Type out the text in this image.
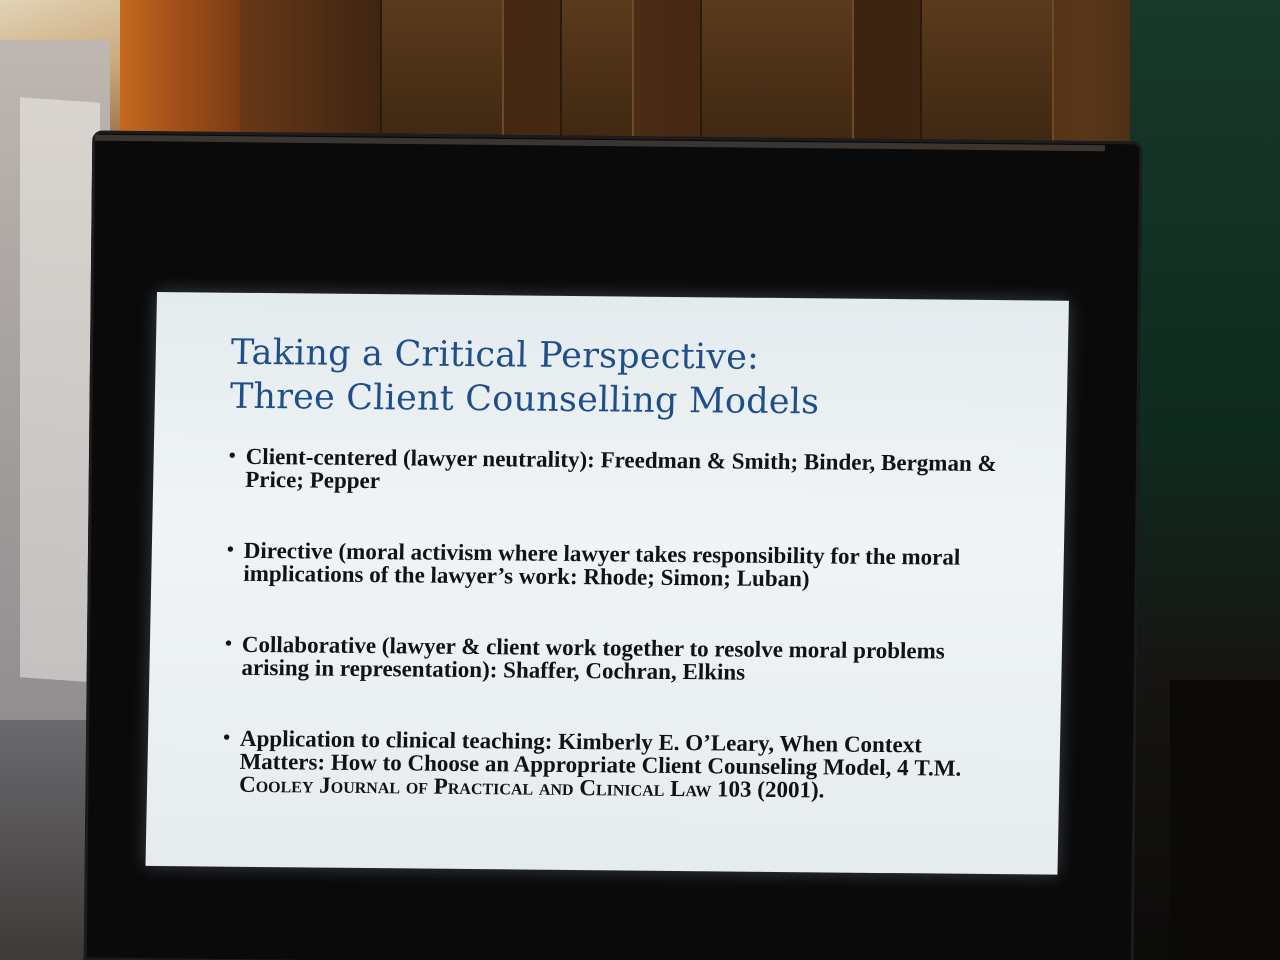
Taking a Critical Perspective:
Three Client Counselling Models
• Client-centered (lawyer neutrality): Freedman & Smith; Binder, Bergman & Price; Pepper
• Directive (moral activism where lawyer takes responsibility for the moral implications of the lawyer’s work: Rhode; Simon; Luban)
• Collaborative (lawyer & client work together to resolve moral problems arising in representation): Shaffer, Cochran, Elkins
• Application to clinical teaching: Kimberly E. O’Leary, When Context Matters: How to Choose an Appropriate Client Counseling Model, 4 T.M. Cooley Journal of Practical and Clinical Law 103 (2001).
